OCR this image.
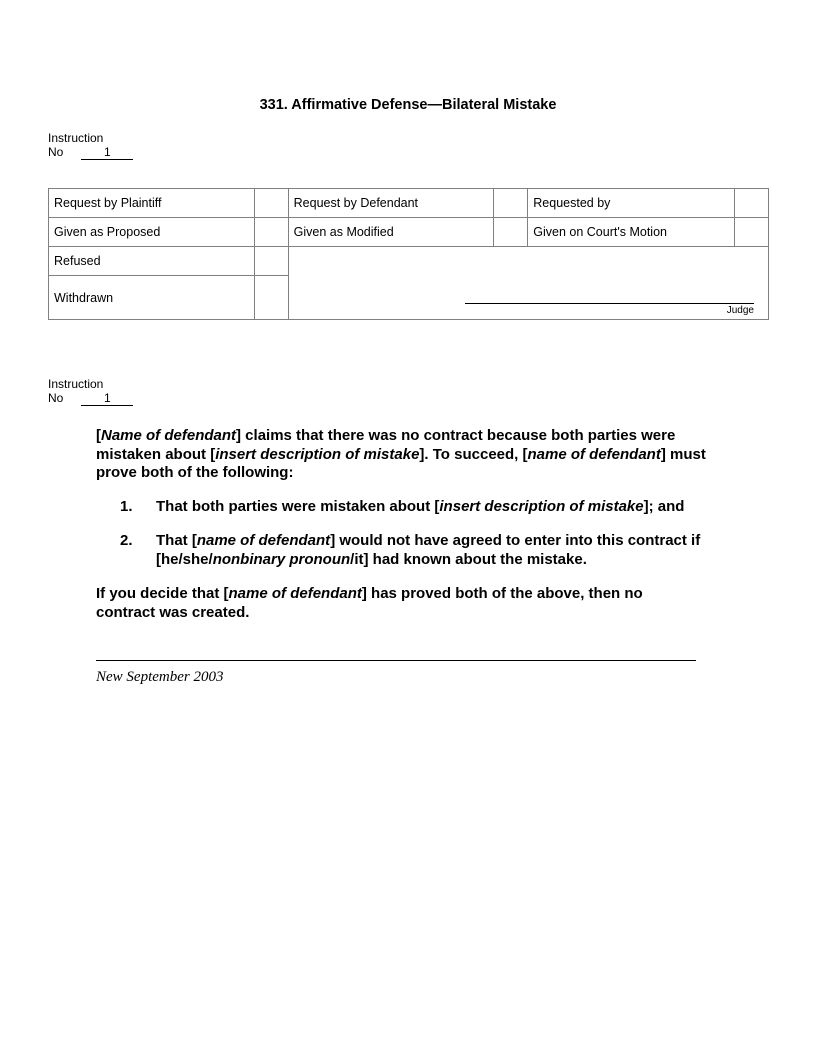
331. Affirmative Defense—Bilateral Mistake
Instruction
No	1
Request by Plaintiff		Request by Defendant		Requested by	
Given as Proposed		Given as Modified		Given on Court's Motion	
Refused		Judge			

Withdrawn					
Instruction
No	1

[Name of defendant] claims that there was no contract because both parties were mistaken about [insert description of mistake]. To succeed, [name of defendant] must prove both of the following:

1. That both parties were mistaken about [insert description of mistake]; and
2. That [name of defendant] would not have agreed to enter into this contract if [he/she/nonbinary pronoun/it] had known about the mistake.

If you decide that [name of defendant] has proved both of the above, then no contract was created.

New September 2003
